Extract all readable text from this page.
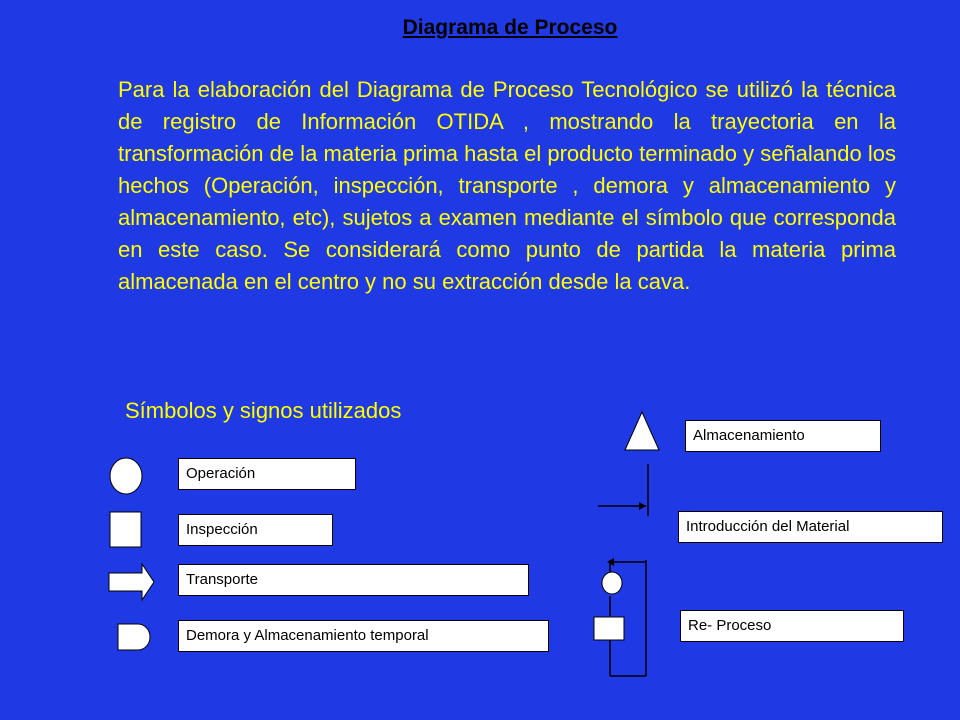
Diagrama de Proceso
Para la elaboración del Diagrama de Proceso Tecnológico se utilizó la técnica de registro de Información OTIDA , mostrando la trayectoria en la transformación de la materia prima hasta el producto terminado y señalando los hechos (Operación, inspección, transporte , demora y almacenamiento y almacenamiento, etc), sujetos a examen mediante el símbolo que corresponda en este caso. Se considerará como punto de partida la materia prima almacenada en el centro y no su extracción desde la cava.
Símbolos y signos utilizados
Operación
Inspección
Transporte
Demora y Almacenamiento temporal
Almacenamiento
Introducción del Material
Re- Proceso
